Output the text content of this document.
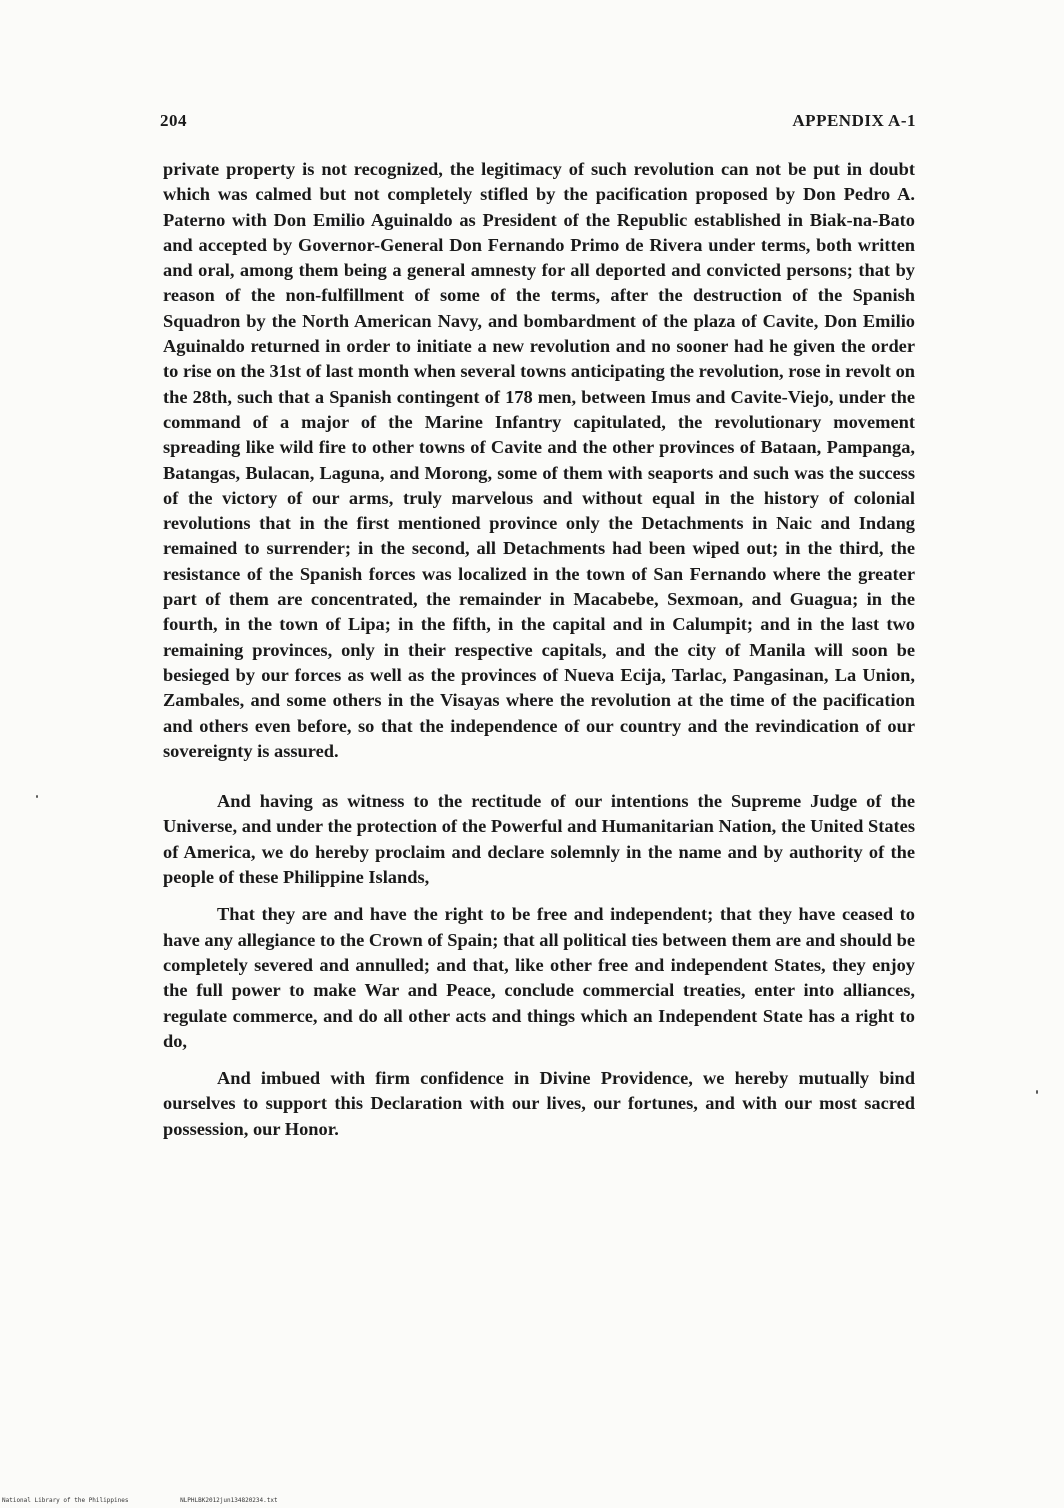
204	APPENDIX A-1

private property is not recognized, the legitimacy of such revolution can not be put in doubt which was calmed but not completely stifled by the pacification proposed by Don Pedro A. Paterno with Don Emilio Aguinaldo as President of the Republic established in Biak-na-Bato and accepted by Governor-General Don Fernando Primo de Rivera under terms, both written and oral, among them being a general amnesty for all deported and convicted persons; that by reason of the non-fulfillment of some of the terms, after the destruction of the Spanish Squadron by the North American Navy, and bombardment of the plaza of Cavite, Don Emilio Aguinaldo returned in order to initiate a new revolution and no sooner had he given the order to rise on the 31st of last month when several towns anticipating the revolution, rose in revolt on the 28th, such that a Spanish contingent of 178 men, between Imus and Cavite-Viejo, under the command of a major of the Marine Infantry capitulated, the revolutionary movement spreading like wild fire to other towns of Cavite and the other provinces of Bataan, Pampanga, Batangas, Bulacan, Laguna, and Morong, some of them with seaports and such was the success of the victory of our arms, truly marvelous and without equal in the history of colonial revolutions that in the first mentioned province only the Detachments in Naic and Indang remained to surrender; in the second, all Detachments had been wiped out; in the third, the resistance of the Spanish forces was localized in the town of San Fernando where the greater part of them are concentrated, the remainder in Macabebe, Sexmoan, and Guagua; in the fourth, in the town of Lipa; in the fifth, in the capital and in Calumpit; and in the last two remaining provinces, only in their respective capitals, and the city of Manila will soon be besieged by our forces as well as the provinces of Nueva Ecija, Tarlac, Pangasinan, La Union, Zambales, and some others in the Visayas where the revolution at the time of the pacification and others even before, so that the independence of our country and the revindication of our sovereignty is assured.

And having as witness to the rectitude of our intentions the Supreme Judge of the Universe, and under the protection of the Powerful and Humanitarian Nation, the United States of America, we do hereby proclaim and declare solemnly in the name and by authority of the people of these Philippine Islands,

That they are and have the right to be free and independent; that they have ceased to have any allegiance to the Crown of Spain; that all political ties between them are and should be completely severed and annulled; and that, like other free and independent States, they enjoy the full power to make War and Peace, conclude commercial treaties, enter into alliances, regulate commerce, and do all other acts and things which an Independent State has a right to do,

And imbued with firm confidence in Divine Providence, we hereby mutually bind ourselves to support this Declaration with our lives, our fortunes, and with our most sacred possession, our Honor.

National Library of the Philippines	NLPHLBK2012jun134820234.txt
